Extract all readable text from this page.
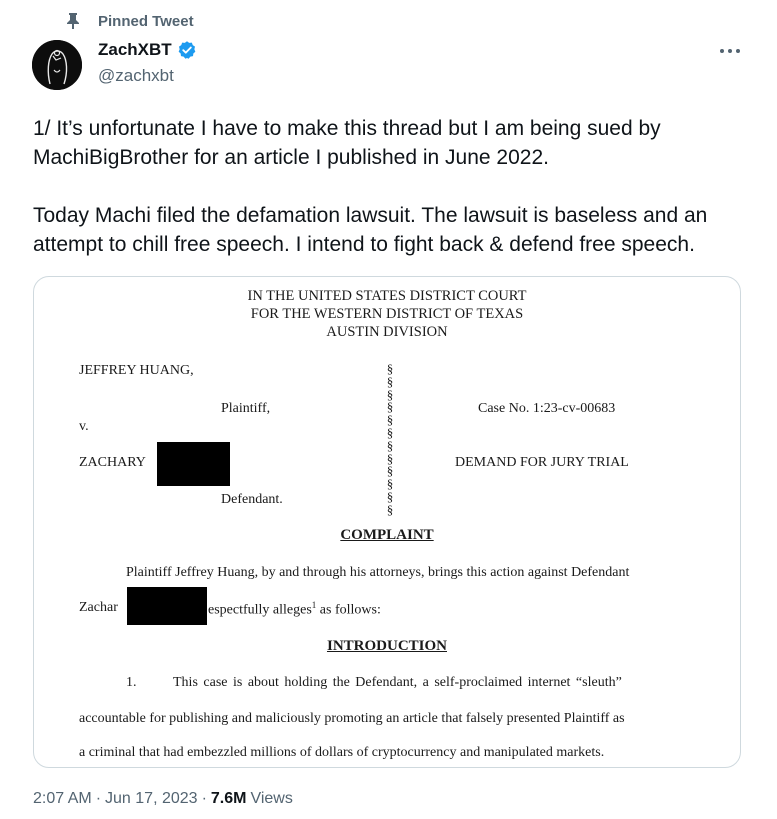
Pinned Tweet
ZachXBT
@zachxbt

1/ It’s unfortunate I have to make this thread but I am being sued by MachiBigBrother for an article I published in June 2022.

Today Machi filed the defamation lawsuit. The lawsuit is baseless and an attempt to chill free speech. I intend to fight back & defend free speech.

IN THE UNITED STATES DISTRICT COURT
FOR THE WESTERN DISTRICT OF TEXAS
AUSTIN DIVISION
JEFFREY HUANG,
Plaintiff,
v.
ZACHARY
Defendant.
§
§
§
§
§
§
§
§
§
§
§
§
Case No. 1:23-cv-00683
DEMAND FOR JURY TRIAL
COMPLAINT
Plaintiff Jeffrey Huang, by and through his attorneys, brings this action against Defendant
Zachar	espectfully alleges$^1$ as follows:
INTRODUCTION
1.	This case is about holding the Defendant, a self-proclaimed internet “sleuth”
accountable for publishing and maliciously promoting an article that falsely presented Plaintiff as
a criminal that had embezzled millions of dollars of cryptocurrency and manipulated markets.
2:07 AM · Jun 17, 2023 · 7.6M Views
